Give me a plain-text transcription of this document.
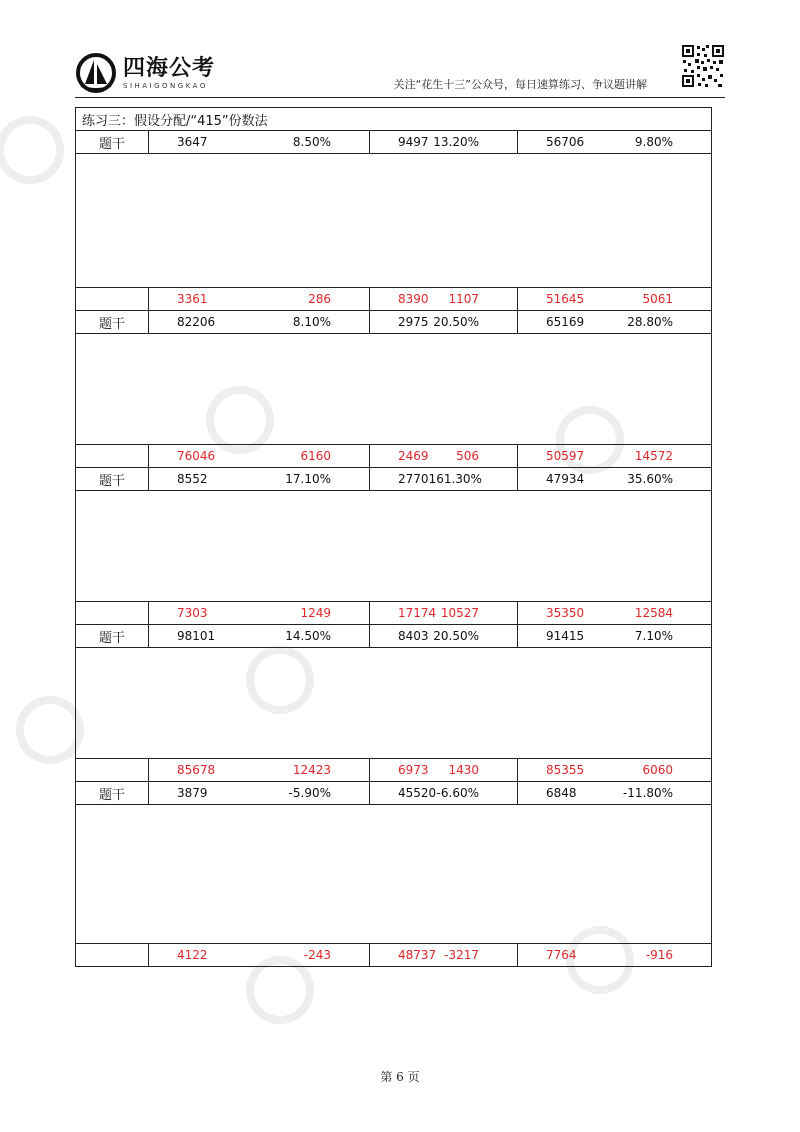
四海公考
SIHAIGONGKAO	关注“花生十三”公众号，每日速算练习、争议题讲解
练习三：假设分配/“415”份数法			
题干	3647 8.50%	9497 13.20%	56706 9.80%

	3361 286	8390 1107	51645 5061

题干	82206 8.10%	2975 20.50%	65169 28.80%

	76046 6160	2469 506	50597 14572

题干	8552 17.10%	27701 61.30%	47934 35.60%

	7303 1249	17174 10527	35350 12584

题干	98101 14.50%	8403 20.50%	91415 7.10%

	85678 12423	6973 1430	85355 6060

题干	3879 -5.90%	45520 -6.60%	6848 -11.80%

	4122 -243	48737 -3217	7764 -916
第 6 页
